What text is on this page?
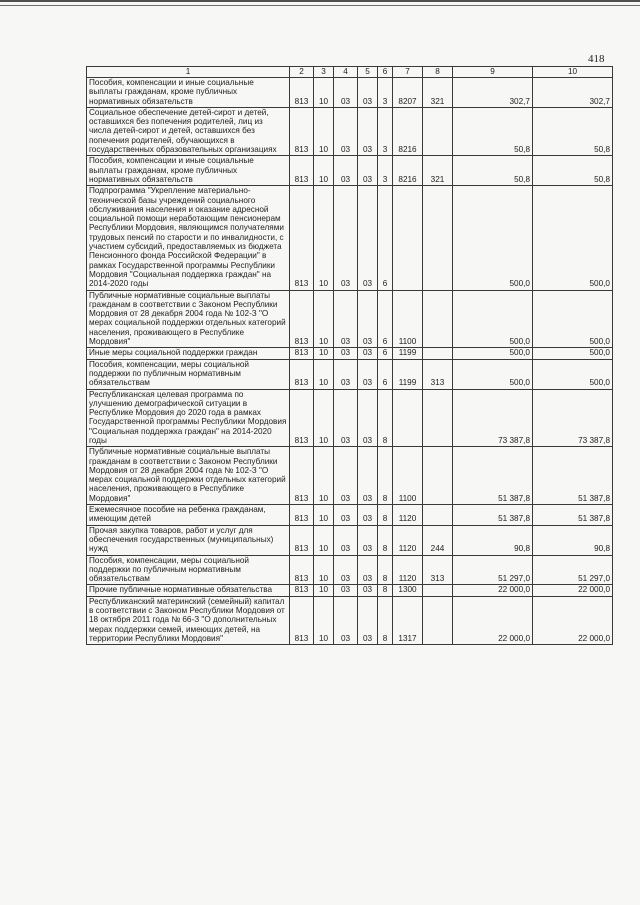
418
1	2	3	4	5	6	7	8	9	10
Пособия, компенсации и иные социальные выплаты гражданам, кроме публичных нормативных обязательств	813	10	03	03	3	8207	321	302,7	302,7
Социальное обеспечение детей-сирот и детей, оставшихся без попечения родителей, лиц из числа детей-сирот и детей, оставшихся без попечения родителей, обучающихся в государственных образовательных организациях	813	10	03	03	3	8216		50,8	50,8
Пособия, компенсации и иные социальные выплаты гражданам, кроме публичных нормативных обязательств	813	10	03	03	3	8216	321	50,8	50,8
Подпрограмма "Укрепление материально-технической базы учреждений социального обслуживания населения и оказание адресной социальной помощи неработающим пенсионерам Республики Мордовия, являющимся получателями трудовых пенсий по старости и по инвалидности, с участием субсидий, предоставляемых из бюджета Пенсионного фонда Российской Федерации" в рамках Государственной программы Республики Мордовия "Социальная поддержка граждан" на 2014-2020 годы	813	10	03	03	6			500,0	500,0
Публичные нормативные социальные выплаты гражданам в соответствии с Законом Республики Мордовия от 28 декабря 2004 года № 102-З "О мерах социальной поддержки отдельных категорий населения, проживающего в Республике Мордовия"	813	10	03	03	6	1100		500,0	500,0
Иные меры социальной поддержки граждан	813	10	03	03	6	1199		500,0	500,0
Пособия, компенсации, меры социальной поддержки по публичным нормативным обязательствам	813	10	03	03	6	1199	313	500,0	500,0
Республиканская целевая программа по улучшению демографической ситуации в Республике Мордовия до 2020 года в рамках Государственной программы Республики Мордовия "Социальная поддержка граждан" на 2014-2020 годы	813	10	03	03	8			73 387,8	73 387,8
Публичные нормативные социальные выплаты гражданам в соответствии с Законом Республики Мордовия от 28 декабря 2004 года № 102-З "О мерах социальной поддержки отдельных категорий населения, проживающего в Республике Мордовия"	813	10	03	03	8	1100		51 387,8	51 387,8
Ежемесячное пособие на ребенка гражданам, имеющим детей	813	10	03	03	8	1120		51 387,8	51 387,8
Прочая закупка товаров, работ и услуг для обеспечения государственных (муниципальных) нужд	813	10	03	03	8	1120	244	90,8	90,8
Пособия, компенсации, меры социальной поддержки по публичным нормативным обязательствам	813	10	03	03	8	1120	313	51 297,0	51 297,0
Прочие публичные нормативные обязательства	813	10	03	03	8	1300		22 000,0	22 000,0
Республиканский материнский (семейный) капитал в соответствии с Законом Республики Мордовия от 18 октября 2011 года № 66-З "О дополнительных мерах поддержки семей, имеющих детей, на территории Республики Мордовия"	813	10	03	03	8	1317		22 000,0	22 000,0
